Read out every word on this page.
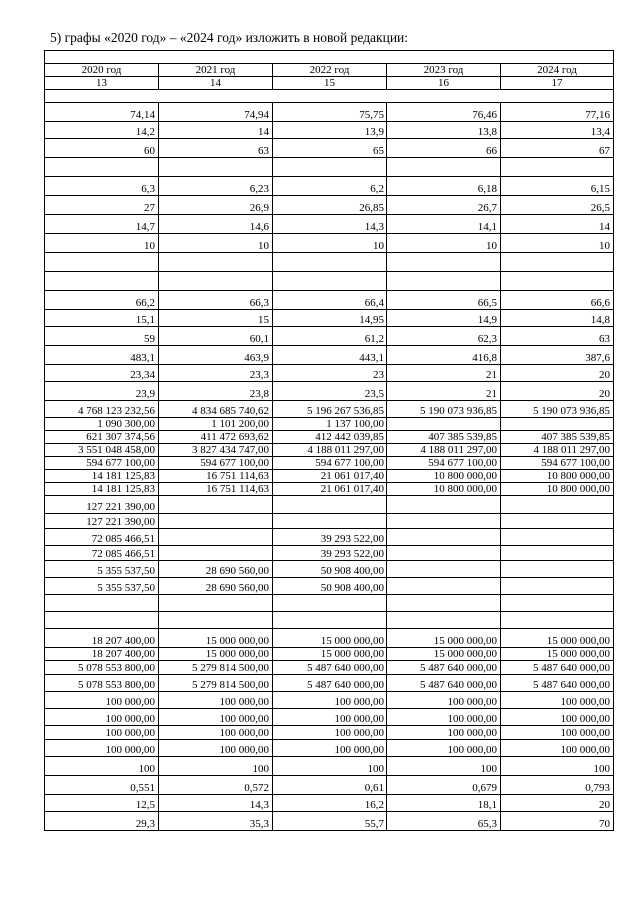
5) графы «2020 год» – «2024 год» изложить в новой редакции:

2020 год	2021 год	2022 год	2023 год	2024 год
13	14	15	16	17

74,14	74,94	75,75	76,46	77,16
14,2	14	13,9	13,8	13,4
60	63	65	66	67

6,3	6,23	6,2	6,18	6,15
27	26,9	26,85	26,7	26,5
14,7	14,6	14,3	14,1	14
10	10	10	10	10

66,2	66,3	66,4	66,5	66,6
15,1	15	14,95	14,9	14,8
59	60,1	61,2	62,3	63
483,1	463,9	443,1	416,8	387,6
23,34	23,3	23	21	20
23,9	23,8	23,5	21	20
4 768 123 232,56	4 834 685 740,62	5 196 267 536,85	5 190 073 936,85	5 190 073 936,85
1 090 300,00	1 101 200,00	1 137 100,00		
621 307 374,56	411 472 693,62	412 442 039,85	407 385 539,85	407 385 539,85
3 551 048 458,00	3 827 434 747,00	4 188 011 297,00	4 188 011 297,00	4 188 011 297,00
594 677 100,00	594 677 100,00	594 677 100,00	594 677 100,00	594 677 100,00
14 181 125,83	16 751 114,63	21 061 017,40	10 800 000,00	10 800 000,00
14 181 125,83	16 751 114,63	21 061 017,40	10 800 000,00	10 800 000,00
127 221 390,00				
127 221 390,00				
72 085 466,51		39 293 522,00		
72 085 466,51		39 293 522,00		
5 355 537,50	28 690 560,00	50 908 400,00		
5 355 537,50	28 690 560,00	50 908 400,00		

18 207 400,00	15 000 000,00	15 000 000,00	15 000 000,00	15 000 000,00
18 207 400,00	15 000 000,00	15 000 000,00	15 000 000,00	15 000 000,00
5 078 553 800,00	5 279 814 500,00	5 487 640 000,00	5 487 640 000,00	5 487 640 000,00
5 078 553 800,00	5 279 814 500,00	5 487 640 000,00	5 487 640 000,00	5 487 640 000,00
100 000,00	100 000,00	100 000,00	100 000,00	100 000,00
100 000,00	100 000,00	100 000,00	100 000,00	100 000,00
100 000,00	100 000,00	100 000,00	100 000,00	100 000,00
100 000,00	100 000,00	100 000,00	100 000,00	100 000,00
100	100	100	100	100
0,551	0,572	0,61	0,679	0,793
12,5	14,3	16,2	18,1	20
29,3	35,3	55,7	65,3	70
